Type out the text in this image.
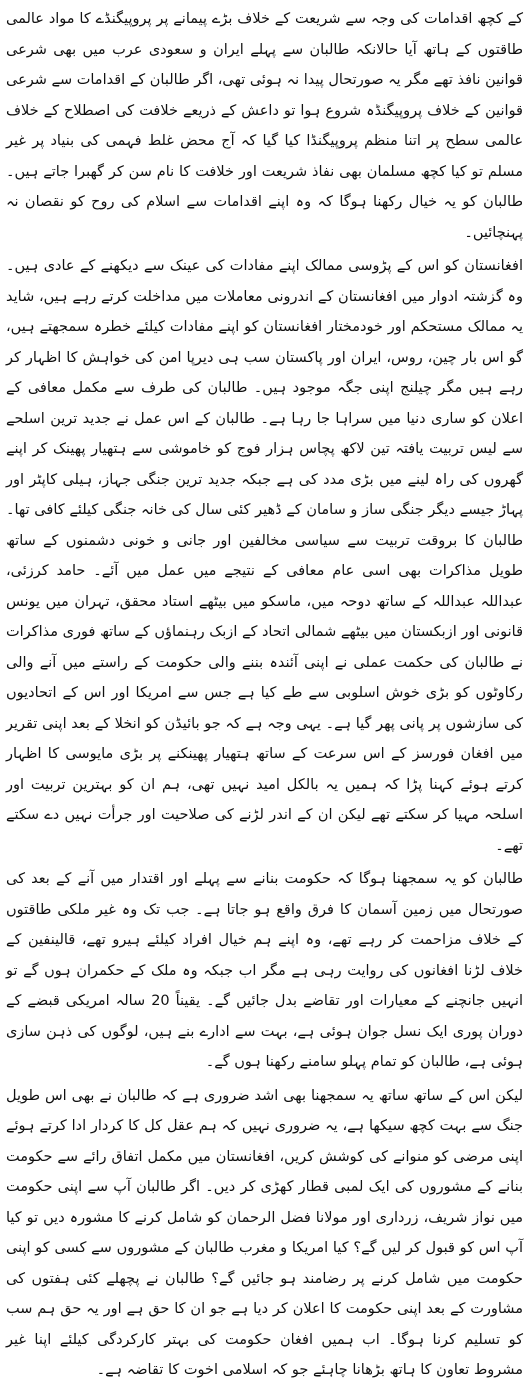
کے کچھ اقدامات کی وجہ سے شریعت کے خلاف بڑے پیمانے پر پروپیگنڈے کا مواد عالمی طاقتوں کے ہاتھ آیا حالانکہ طالبان سے پہلے ایران و سعودی عرب میں بھی شرعی قوانین نافذ تھے مگر یہ صورتحال پیدا نہ ہوئی تھی، اگر طالبان کے اقدامات سے شرعی قوانین کے خلاف پروپیگنڈہ شروع ہوا تو داعش کے ذریعے خلافت کی اصطلاح کے خلاف عالمی سطح پر اتنا منظم پروپیگنڈا کیا گیا کہ آج محض غلط فہمی کی بنیاد پر غیر مسلم تو کیا کچھ مسلمان بھی نفاذ شریعت اور خلافت کا نام سن کر گھبرا جاتے ہیں۔ طالبان کو یہ خیال رکھنا ہوگا کہ وہ اپنے اقدامات سے اسلام کی روح کو نقصان نہ پہنچائیں۔

افغانستان کو اس کے پڑوسی ممالک اپنے مفادات کی عینک سے دیکھنے کے عادی ہیں۔ وہ گزشتہ ادوار میں افغانستان کے اندرونی معاملات میں مداخلت کرتے رہے ہیں، شاید یہ ممالک مستحکم اور خودمختار افغانستان کو اپنے مفادات کیلئے خطرہ سمجھتے ہیں، گو اس بار چین، روس، ایران اور پاکستان سب ہی دیرپا امن کی خواہش کا اظہار کر رہے ہیں مگر چیلنج اپنی جگہ موجود ہیں۔ طالبان کی طرف سے مکمل معافی کے اعلان کو ساری دنیا میں سراہا جا رہا ہے۔ طالبان کے اس عمل نے جدید ترین اسلحے سے لیس تربیت یافتہ تین لاکھ پچاس ہزار فوج کو خاموشی سے ہتھیار پھینک کر اپنے گھروں کی راہ لینے میں بڑی مدد کی ہے جبکہ جدید ترین جنگی جہاز، ہیلی کاپٹر اور پہاڑ جیسے دیگر جنگی ساز و سامان کے ڈھیر کئی سال کی خانہ جنگی کیلئے کافی تھا۔ طالبان کا بروقت تربیت سے سیاسی مخالفین اور جانی و خونی دشمنوں کے ساتھ طویل مذاکرات بھی اسی عام معافی کے نتیجے میں عمل میں آئے۔ حامد کرزئی، عبداللہ عبداللہ کے ساتھ دوحہ میں، ماسکو میں بیٹھے استاد محقق، تہران میں یونس قانونی اور ازبکستان میں بیٹھے شمالی اتحاد کے ازبک رہنماؤں کے ساتھ فوری مذاکرات نے طالبان کی حکمت عملی نے اپنی آئندہ بننے والی حکومت کے راستے میں آنے والی رکاوٹوں کو بڑی خوش اسلوبی سے طے کیا ہے جس سے امریکا اور اس کے اتحادیوں کی سازشوں پر پانی پھر گیا ہے۔ یہی وجہ ہے کہ جو بائیڈن کو انخلا کے بعد اپنی تقریر میں افغان فورسز کے اس سرعت کے ساتھ ہتھیار پھینکنے پر بڑی مایوسی کا اظہار کرتے ہوئے کہنا پڑا کہ ہمیں یہ بالکل امید نہیں تھی، ہم ان کو بہترین تربیت اور اسلحہ مہیا کر سکتے تھے لیکن ان کے اندر لڑنے کی صلاحیت اور جرأت نہیں دے سکتے تھے۔

طالبان کو یہ سمجھنا ہوگا کہ حکومت بنانے سے پہلے اور اقتدار میں آنے کے بعد کی صورتحال میں زمین آسمان کا فرق واقع ہو جاتا ہے۔ جب تک وہ غیر ملکی طاقتوں کے خلاف مزاحمت کر رہے تھے، وہ اپنے ہم خیال افراد کیلئے ہیرو تھے، قالینفین کے خلاف لڑنا افغانوں کی روایت رہی ہے مگر اب جبکہ وہ ملک کے حکمران ہوں گے تو انہیں جانچنے کے معیارات اور تقاضے بدل جائیں گے۔ یقیناً 20 سالہ امریکی قبضے کے دوران پوری ایک نسل جوان ہوئی ہے، بہت سے ادارے بنے ہیں، لوگوں کی ذہن سازی ہوئی ہے، طالبان کو تمام پہلو سامنے رکھنا ہوں گے۔

لیکن اس کے ساتھ ساتھ یہ سمجھنا بھی اشد ضروری ہے کہ طالبان نے بھی اس طویل جنگ سے بہت کچھ سیکھا ہے، یہ ضروری نہیں کہ ہم عقل کل کا کردار ادا کرتے ہوئے اپنی مرضی کو منوانے کی کوشش کریں، افغانستان میں مکمل اتفاق رائے سے حکومت بنانے کے مشوروں کی ایک لمبی قطار کھڑی کر دیں۔ اگر طالبان آپ سے اپنی حکومت میں نواز شریف، زرداری اور مولانا فضل الرحمان کو شامل کرنے کا مشورہ دیں تو کیا آپ اس کو قبول کر لیں گے؟ کیا امریکا و مغرب طالبان کے مشوروں سے کسی کو اپنی حکومت میں شامل کرنے پر رضامند ہو جائیں گے؟ طالبان نے پچھلے کئی ہفتوں کی مشاورت کے بعد اپنی حکومت کا اعلان کر دیا ہے جو ان کا حق ہے اور یہ حق ہم سب کو تسلیم کرنا ہوگا۔ اب ہمیں افغان حکومت کی بہتر کارکردگی کیلئے اپنا غیر مشروط تعاون کا ہاتھ بڑھانا چاہئے جو کہ اسلامی اخوت کا تقاضہ ہے۔
